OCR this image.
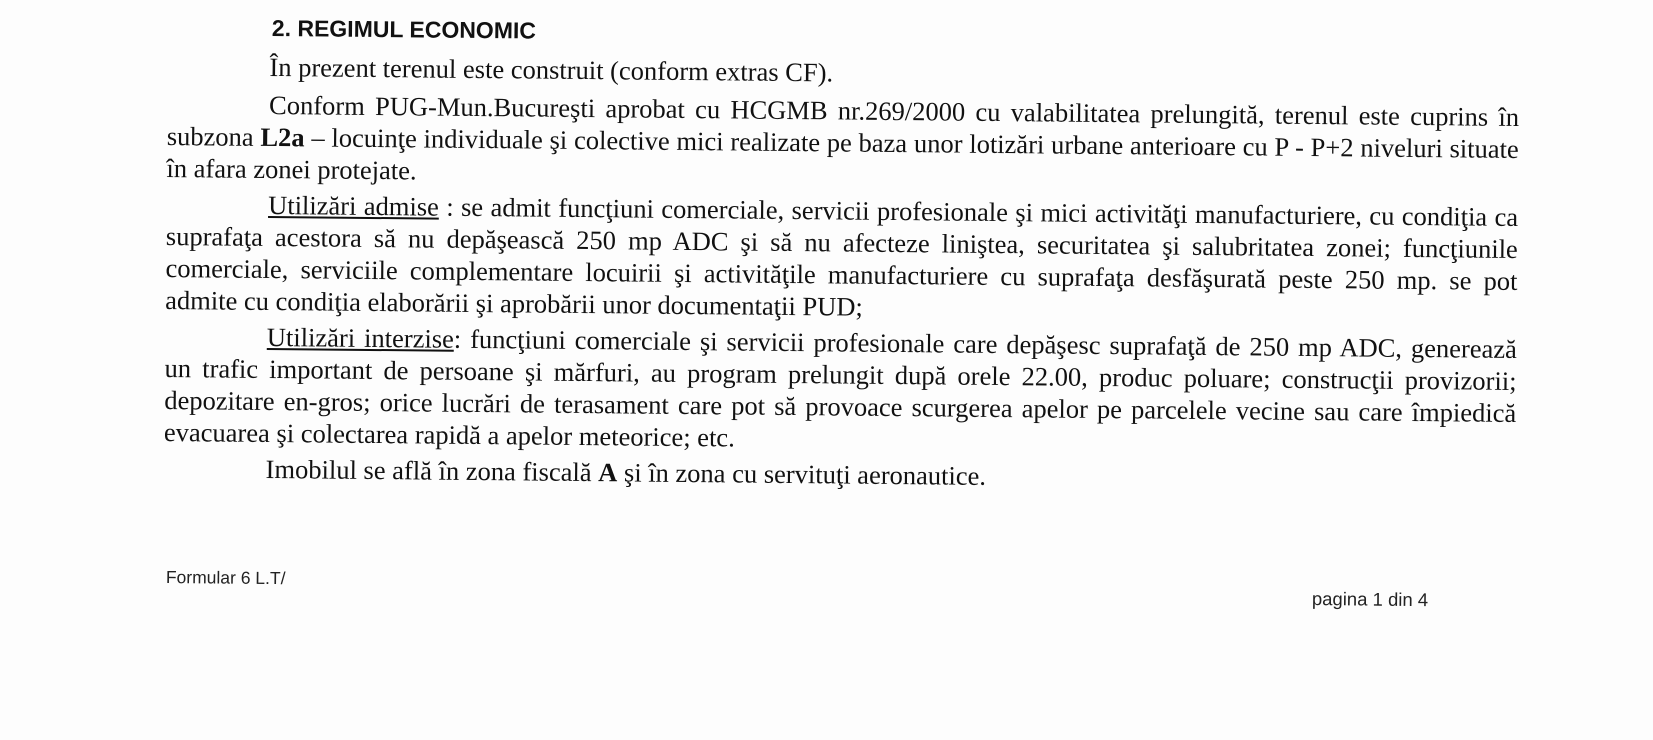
2. REGIMUL ECONOMIC

În prezent terenul este construit (conform extras CF).

Conform PUG-Mun.Bucureşti aprobat cu HCGMB nr.269/2000 cu valabilitatea prelungită, terenul este cuprins în subzona L2a – locuinţe individuale şi colective mici realizate pe baza unor lotizări urbane anterioare cu P - P+2 niveluri situate în afara zonei protejate.

Utilizări admise : se admit funcţiuni comerciale, servicii profesionale şi mici activităţi manufacturiere, cu condiţia ca suprafaţa acestora să nu depăşească 250 mp ADC şi să nu afecteze liniştea, securitatea şi salubritatea zonei; funcţiunile comerciale, serviciile complementare locuirii şi activităţile manufacturiere cu suprafaţa desfăşurată peste 250 mp. se pot admite cu condiţia elaborării şi aprobării unor documentaţii PUD;

Utilizări interzise: funcţiuni comerciale şi servicii profesionale care depăşesc suprafaţă de 250 mp ADC, generează un trafic important de persoane şi mărfuri, au program prelungit după orele 22.00, produc poluare; construcţii provizorii; depozitare en-gros; orice lucrări de terasament care pot să provoace scurgerea apelor pe parcelele vecine sau care împiedică evacuarea şi colectarea rapidă a apelor meteorice; etc.

Imobilul se află în zona fiscală A şi în zona cu servituţi aeronautice.

Formular 6 L.T/
pagina 1 din 4
